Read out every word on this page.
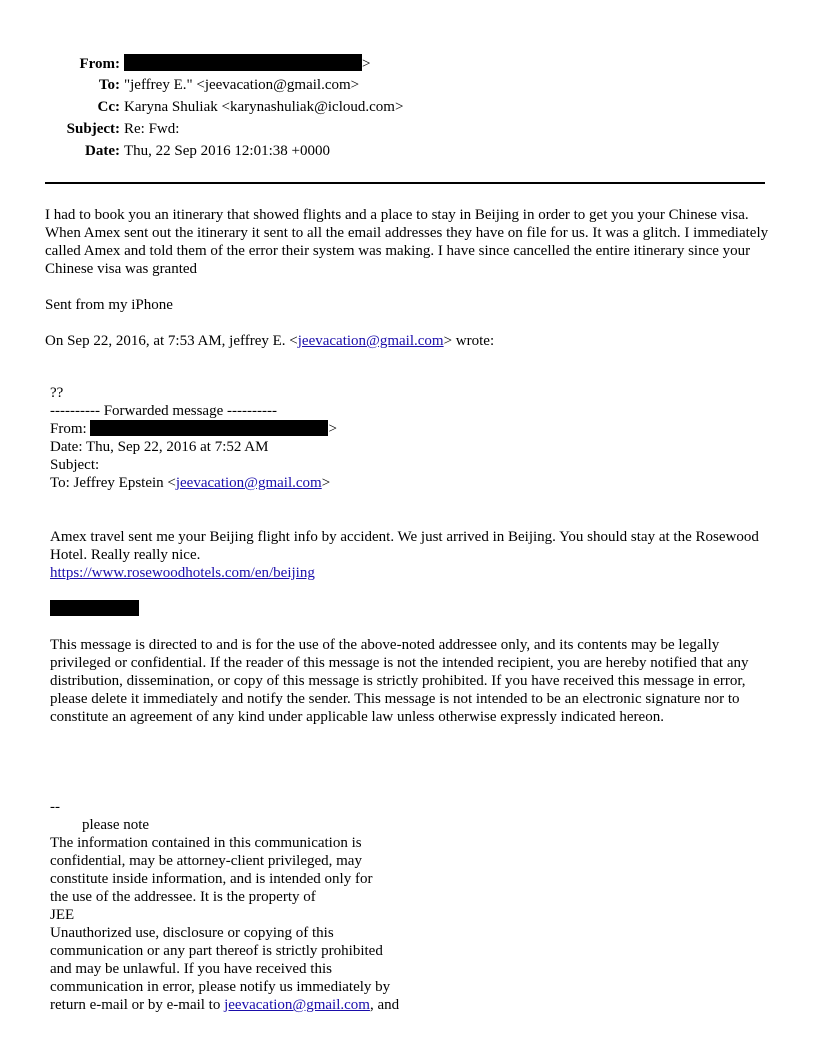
From:	>
To: "jeffrey E." <jeevacation@gmail.com>
Cc: Karyna Shuliak <karynashuliak@icloud.com>
Subject: Re: Fwd:
Date: Thu, 22 Sep 2016 12:01:38 +0000

I had to book you an itinerary that showed flights and a place to stay in Beijing in order to get you your Chinese visa. When Amex sent out the itinerary it sent to all the email addresses they have on file for us. It was a glitch. I immediately called Amex and told them of the error their system was making. I have since cancelled the entire itinerary since your Chinese visa was granted

Sent from my iPhone
On Sep 22, 2016, at 7:53 AM, jeffrey E. <jeevacation@gmail.com> wrote:
??
---------- Forwarded message ----------
From:	>
Date: Thu, Sep 22, 2016 at 7:52 AM
Subject:
To: Jeffrey Epstein <jeevacation@gmail.com>

Amex travel sent me your Beijing flight info by accident. We just arrived in Beijing. You should stay at the Rosewood Hotel. Really really nice.

https://www.rosewoodhotels.com/en/beijing

This message is directed to and is for the use of the above-noted addressee only, and its contents may be legally privileged or confidential. If the reader of this message is not the intended recipient, you are hereby notified that any distribution, dissemination, or copy of this message is strictly prohibited. If you have received this message in error, please delete it immediately and notify the sender. This message is not intended to be an electronic signature nor to constitute an agreement of any kind under applicable law unless otherwise expressly indicated hereon.

--
please note
The information contained in this communication is
confidential, may be attorney-client privileged, may
constitute inside information, and is intended only for
the use of the addressee. It is the property of
JEE
Unauthorized use, disclosure or copying of this
communication or any part thereof is strictly prohibited
and may be unlawful. If you have received this
communication in error, please notify us immediately by
return e-mail or by e-mail to jeevacation@gmail.com, and
